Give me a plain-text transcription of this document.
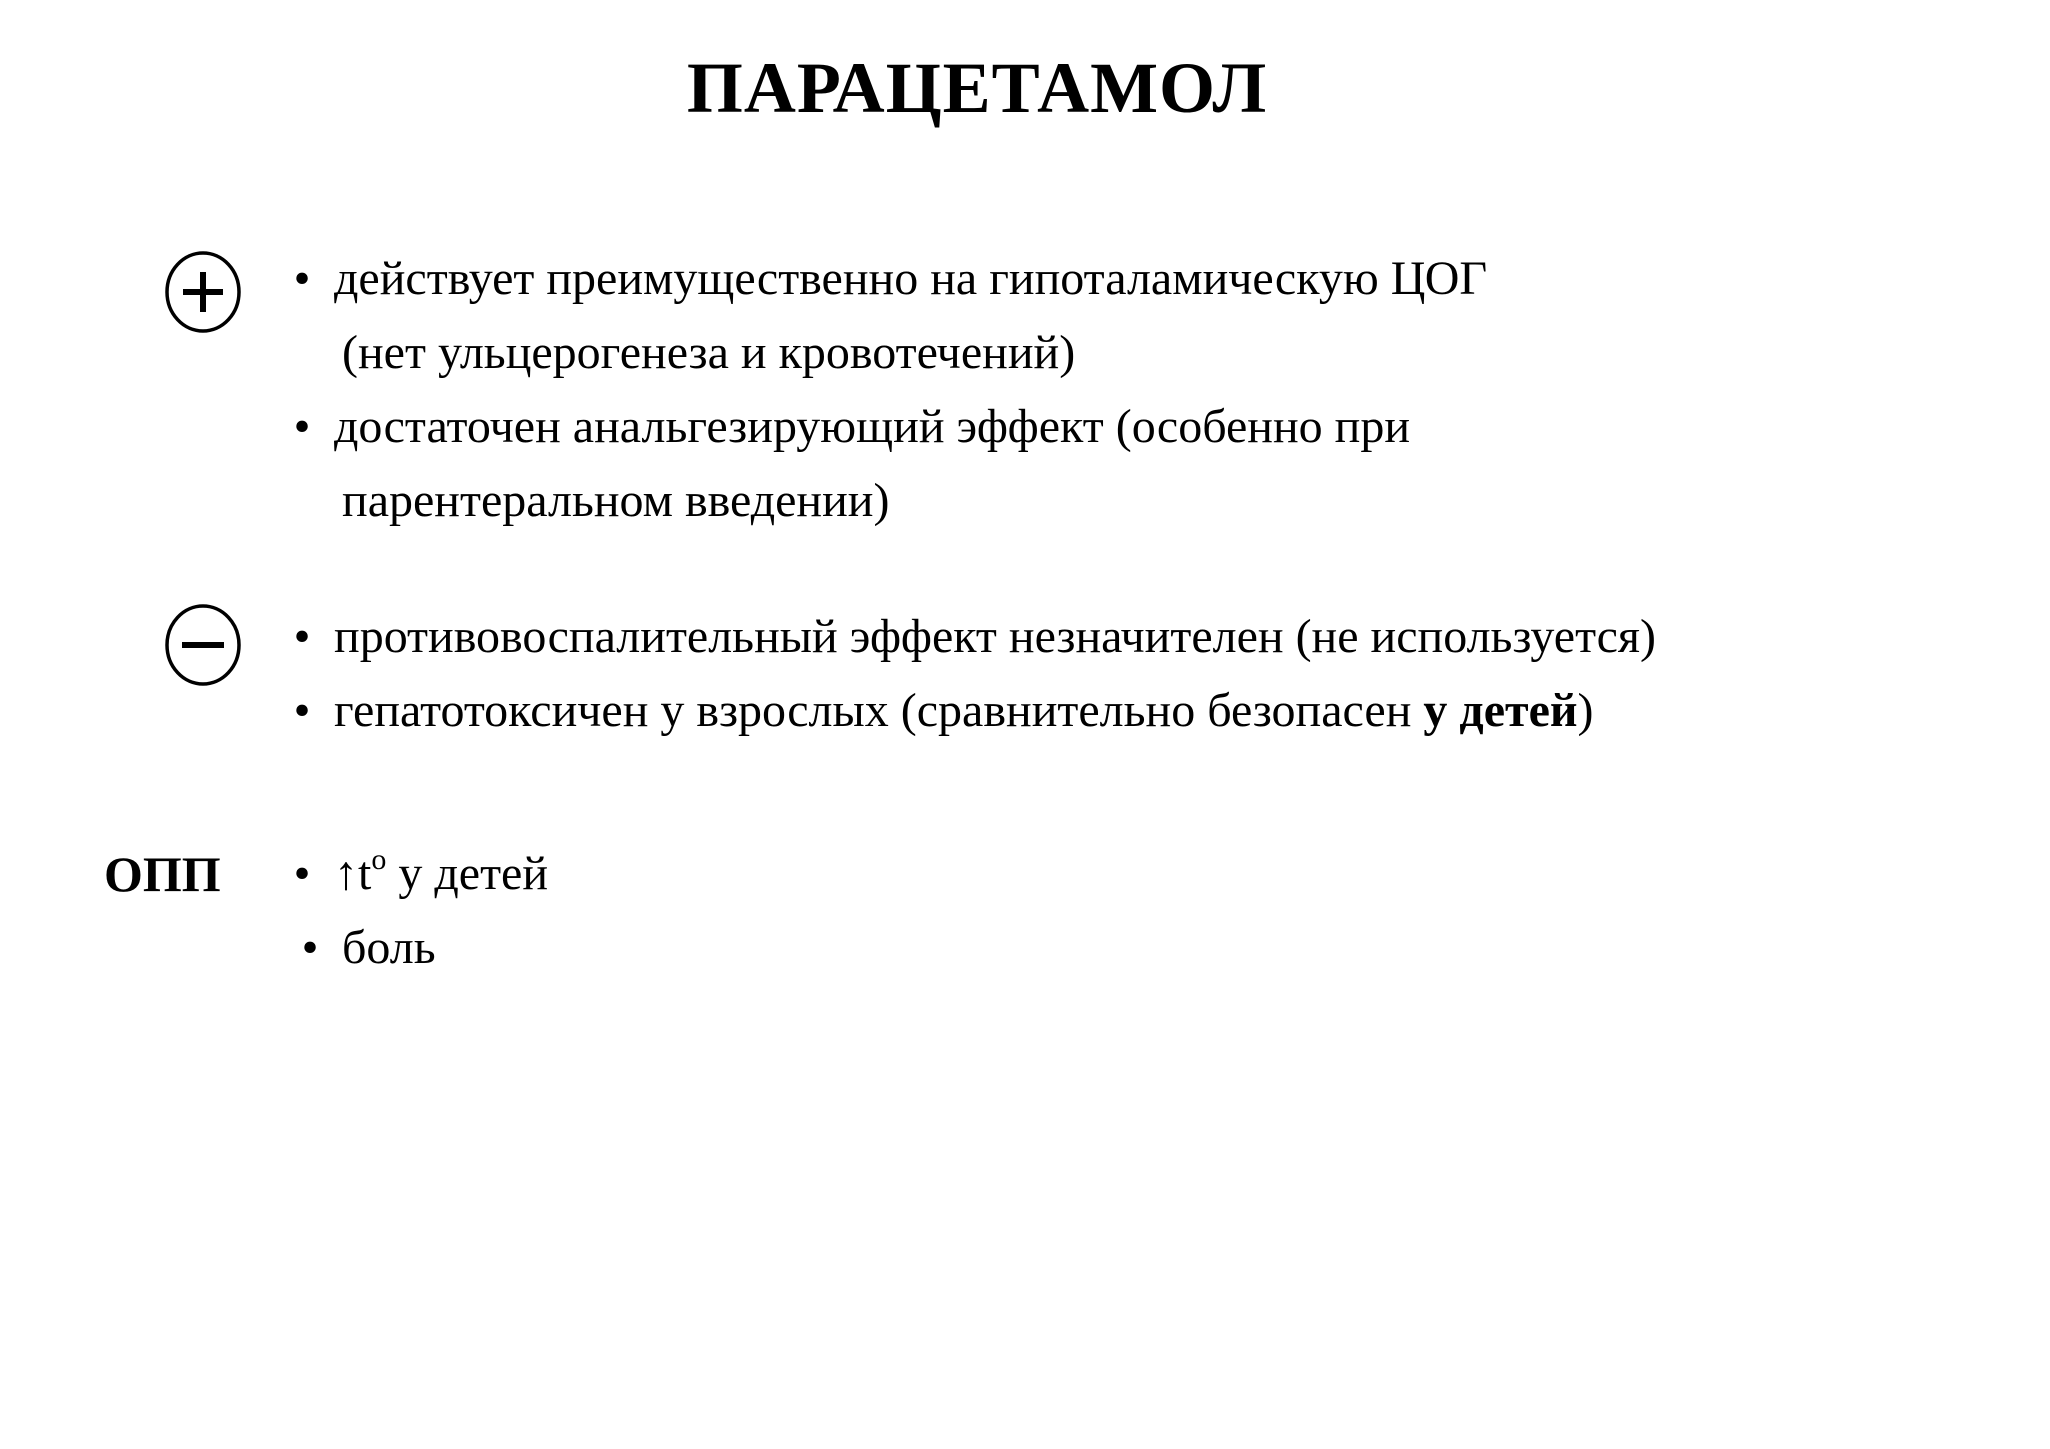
ПАРАЦЕТАМОЛ
• действует преимущественно на гипоталамическую ЦОГ
(нет ульцерогенеза и кровотечений)
• достаточен анальгезирующий эффект (особенно при
парентеральном введении)
• противовоспалительный эффект незначителен (не используется)
• гепатотоксичен у взрослых (сравнительно безопасен у детей)
ОПП • $↑t^о$ у детей
• боль
